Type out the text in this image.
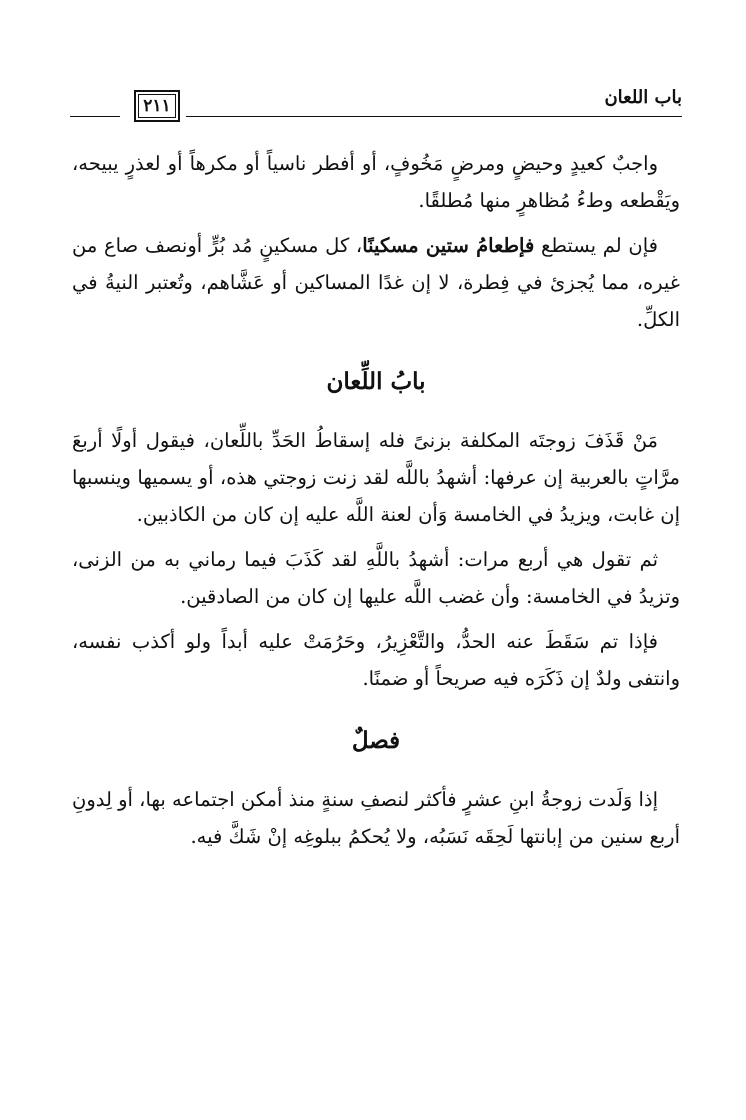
باب اللعان
٢١١

واجبٌ كعيدٍ وحيضٍ ومرضٍ مَخُوفٍ، أو أفطر ناسياً أو مكرهاً أو لعذرٍ يبيحه، ويَقْطعه وطءُ مُظاهرٍ منها مُطلقًا.

فإن لم يستطع فإطعامُ ستين مسكينًا، كل مسكينٍ مُد بُرٍّ أونصف صاع من غيره، مما يُجزئ في فِطرة، لا إن غدًا المساكين أو عَشَّاهم، وتُعتبر النيةُ في الكلِّ.

بابُ اللِّعان

مَنْ قَذَفَ زوجتَه المكلفة بزنىً فله إسقاطُ الحَدِّ باللِّعان، فيقول أولًا أربعَ مرَّاتٍ بالعربية إن عرفها: أشهدُ باللَّه لقد زنت زوجتي هذه، أو يسميها وينسبها إن غابت، ويزيدُ في الخامسة وَأن لعنة اللَّه عليه إن كان من الكاذبين.

ثم تقول هي أربع مرات: أشهدُ باللَّهِ لقد كَذَبَ فيما رماني به من الزنى، وتزيدُ في الخامسة: وأن غضب اللَّه عليها إن كان من الصادقين.

فإذا تم سَقَطَ عنه الحدُّ، والتَّعْزِيرُ، وحَرُمَتْ عليه أبداً ولو أكذب نفسه، وانتفى ولدٌ إن ذَكَرَه فيه صريحاً أو ضمنًا.

فصلٌ

إذا وَلَدت زوجةُ ابنِ عشرٍ فأكثر لنصفِ سنةٍ منذ أمكن اجتماعه بها، أو لِدونِ أربع سنين من إبانتها لَحِقَه نَسَبُه، ولا يُحكمُ ببلوغِه إنْ شَكَّ فيه.
